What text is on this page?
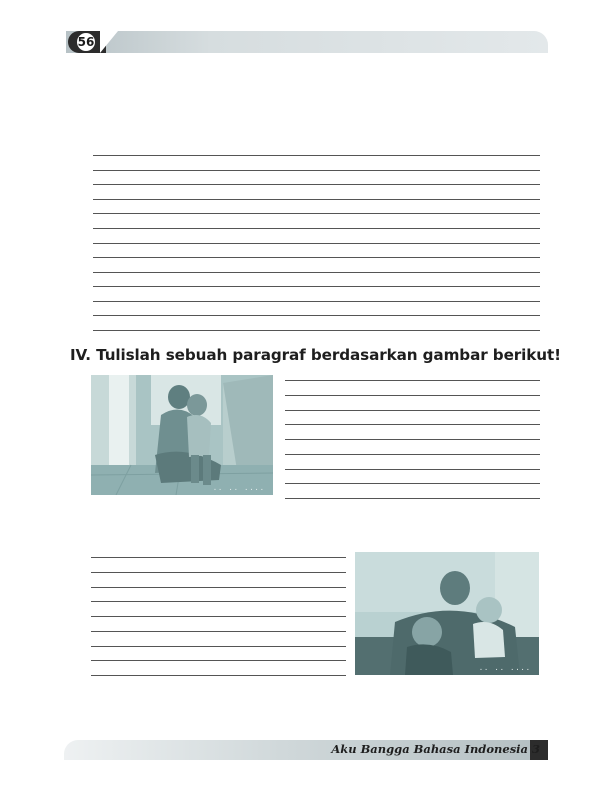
56
IV. Tulislah sebuah paragraf berdasarkan gambar berikut!
·· ·· ····
·· ·· ····
Aku Bangga Bahasa Indonesia 3
